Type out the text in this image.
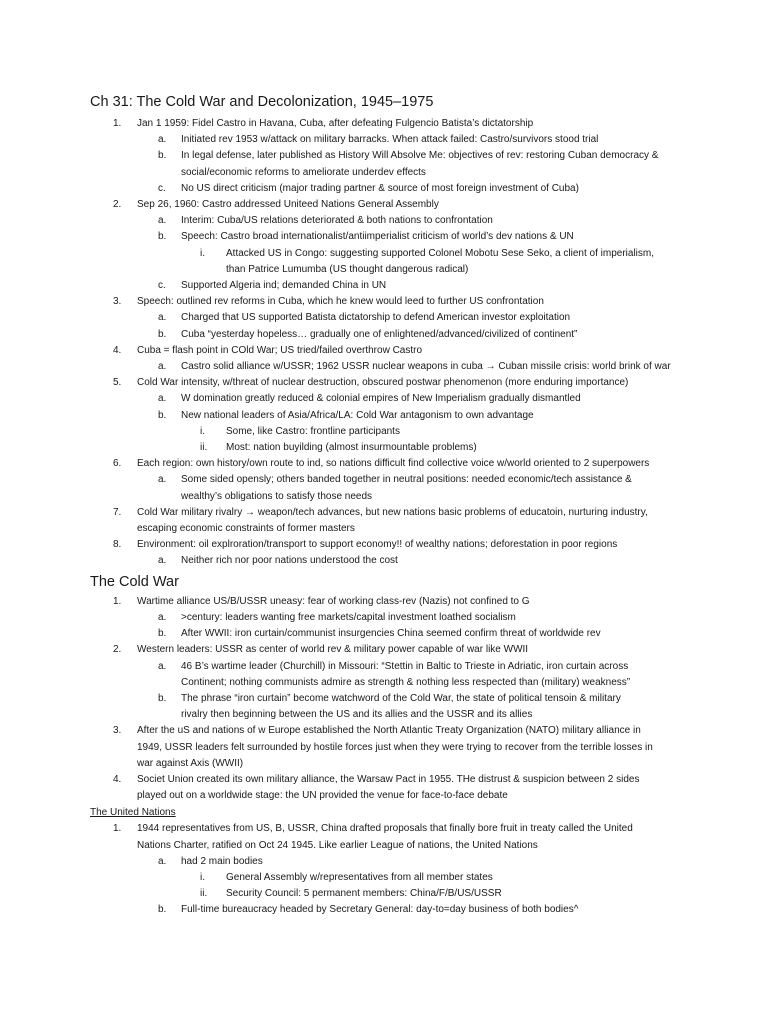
Ch 31: The Cold War and Decolonization, 1945–1975
1. Jan 1 1959: Fidel Castro in Havana, Cuba, after defeating Fulgencio Batista’s dictatorship
a. Initiated rev 1953 w/attack on military barracks. When attack failed: Castro/survivors stood trial
b. In legal defense, later published as History Will Absolve Me: objectives of rev: restoring Cuban democracy &
social/economic reforms to ameliorate underdev effects
c. No US direct criticism (major trading partner & source of most foreign investment of Cuba)
2. Sep 26, 1960: Castro addressed Uniteed Nations General Assembly
a. Interim: Cuba/US relations deteriorated & both nations to confrontation
b. Speech: Castro broad internationalist/antiimperialist criticism of world’s dev nations & UN
i. Attacked US in Congo: suggesting supported Colonel Mobotu Sese Seko, a client of imperialism,
than Patrice Lumumba (US thought dangerous radical)
c. Supported Algeria ind; demanded China in UN
3. Speech: outlined rev reforms in Cuba, which he knew would leed to further US confrontation
a. Charged that US supported Batista dictatorship to defend American investor exploitation
b. Cuba “yesterday hopeless… gradually one of enlightened/advanced/civilized of continent”
4. Cuba = flash point in COld War; US tried/failed overthrow Castro
a. Castro solid alliance w/USSR; 1962 USSR nuclear weapons in cuba → Cuban missile crisis: world brink of war
5. Cold War intensity, w/threat of nuclear destruction, obscured postwar phenomenon (more enduring importance)
a. W domination greatly reduced & colonial empires of New Imperialism gradually dismantled
b. New national leaders of Asia/Africa/LA: Cold War antagonism to own advantage
i. Some, like Castro: frontline participants
ii. Most: nation buyilding (almost insurmountable problems)
6. Each region: own history/own route to ind, so nations difficult find collective voice w/world oriented to 2 superpowers
a. Some sided opensly; others banded together in neutral positions: needed economic/tech assistance &
wealthy’s obligations to satisfy those needs
7. Cold War military rivalry → weapon/tech advances, but new nations basic problems of educatoin, nurturing industry,
escaping economic constraints of former masters
8. Environment: oil explroration/transport to support economy!! of wealthy nations; deforestation in poor regions
a. Neither rich nor poor nations understood the cost
The Cold War
1. Wartime alliance US/B/USSR uneasy: fear of working class-rev (Nazis) not confined to G
a. >century: leaders wanting free markets/capital investment loathed socialism
b. After WWII: iron curtain/communist insurgencies China seemed confirm threat of worldwide rev
2. Western leaders: USSR as center of world rev & military power capable of war like WWII
a. 46 B’s wartime leader (Churchill) in Missouri: “Stettin in Baltic to Trieste in Adriatic, iron curtain across
Continent; nothing communists admire as strength & nothing less respected than (military) weakness”
b. The phrase “iron curtain” become watchword of the Cold War, the state of political tensoin & military
rivalry then beginning between the US and its allies and the USSR and its allies
3. After the uS and nations of w Europe established the North Atlantic Treaty Organization (NATO) military alliance in
1949, USSR leaders felt surrounded by hostile forces just when they were trying to recover from the terrible losses in
war against Axis (WWII)
4. Societ Union created its own military alliance, the Warsaw Pact in 1955. THe distrust & suspicion between 2 sides
played out on a worldwide stage: the UN provided the venue for face-to-face debate
The United Nations
1. 1944 representatives from US, B, USSR, China drafted proposals that finally bore fruit in treaty called the United
Nations Charter, ratified on Oct 24 1945. Like earlier League of nations, the United Nations
a. had 2 main bodies
i. General Assembly w/representatives from all member states
ii. Security Council: 5 permanent members: China/F/B/US/USSR
b. Full-time bureaucracy headed by Secretary General: day-to=day business of both bodies^
